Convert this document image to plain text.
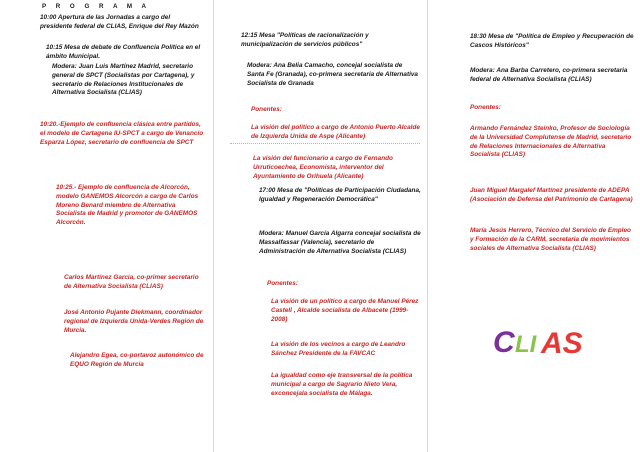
P R O G R A M A
10:00 Apertura de las Jornadas a cargo del presidente federal de CLIAS, Enrique del Rey Mazón
10:15 Mesa de debate de Confluencia Política en el ámbito Municipal.
Modera: Juan Luis Martínez Madrid, secretario general de SPCT (Socialistas por Cartagena), y secretario de Relaciones Institucionales de Alternativa Socialista (CLIAS)
10:20.-Ejemplo de confluencia clásica entre partidos, el modelo de Cartagena IU-SPCT a cargo de Venancio Esparza López, secretario de confluencia de SPCT
10:25.- Ejemplo de confluencia de Alcorcón, modelo GANEMOS Alcorcón a cargo de Carlos Moreno Benard miembro de Alternativa Socialista de Madrid y promotor de GANEMOS Alcorcón.
Carlos Martínez García, co-primer secretario de Alternativa Socialista (CLIAS)
José Antonio Pujante Diekmann, coordinador regional de Izquierda Unida-Verdes Región de Murcia.
Alejandro Egea, co-portavoz autonómico de EQUO Región de Murcia
12:15 Mesa "Políticas de racionalización y municipalización de servicios públicos"
Modera: Ana Belia Camacho, concejal socialista de Santa Fe (Granada), co-primera secretaria de Alternativa Socialista de Granada
Ponentes:
La visión del político a cargo de Antonio Puerto Alcalde de Izquierda Unida de Aspe (Alicante)
La visión del funcionario a cargo de Fernando Urruticoechea, Economista, interventor del Ayuntamiento de Orihuela (Alicante)
17:00 Mesa de "Políticas de Participación Ciudadana, Igualdad y Regeneración Democrática"
Modera: Manuel García Algarra concejal socialista de Massalfassar (Valencia), secretario de Administración de Alternativa Socialista (CLIAS)
Ponentes:
La visión de un político a cargo de Manuel Pérez Castell , Alcalde socialista de Albacete (1999-2008)
La visión de los vecinos a cargo de Leandro Sánchez Presidente de la FAVCAC
La igualdad como eje transversal de la política municipal a cargo de Sagrario Nieto Vera, exconcejala socialista de Málaga.
18:30 Mesa de "Política de Empleo y Recuperación de Cascos Históricos"
Modera: Ana Barba Carretero, co-primera secretaria federal de Alternativa Socialista (CLIAS)
Ponentes:
Armando Fernández Steinko, Profesor de Sociología de la Universidad Complutense de Madrid, secretario de Relaciones Internacionales de Alternativa Socialista (CLIAS)
Juan Miguel Margalef Martínez presidente de ADEPA (Asociación de Defensa del Patrimonio de Cartagena)
María Jesús Herrero, Técnico del Servicio de Empleo y Formación de la CARM, secretaria de movimientos sociales de Alternativa Socialista (CLIAS)
C LI AS
